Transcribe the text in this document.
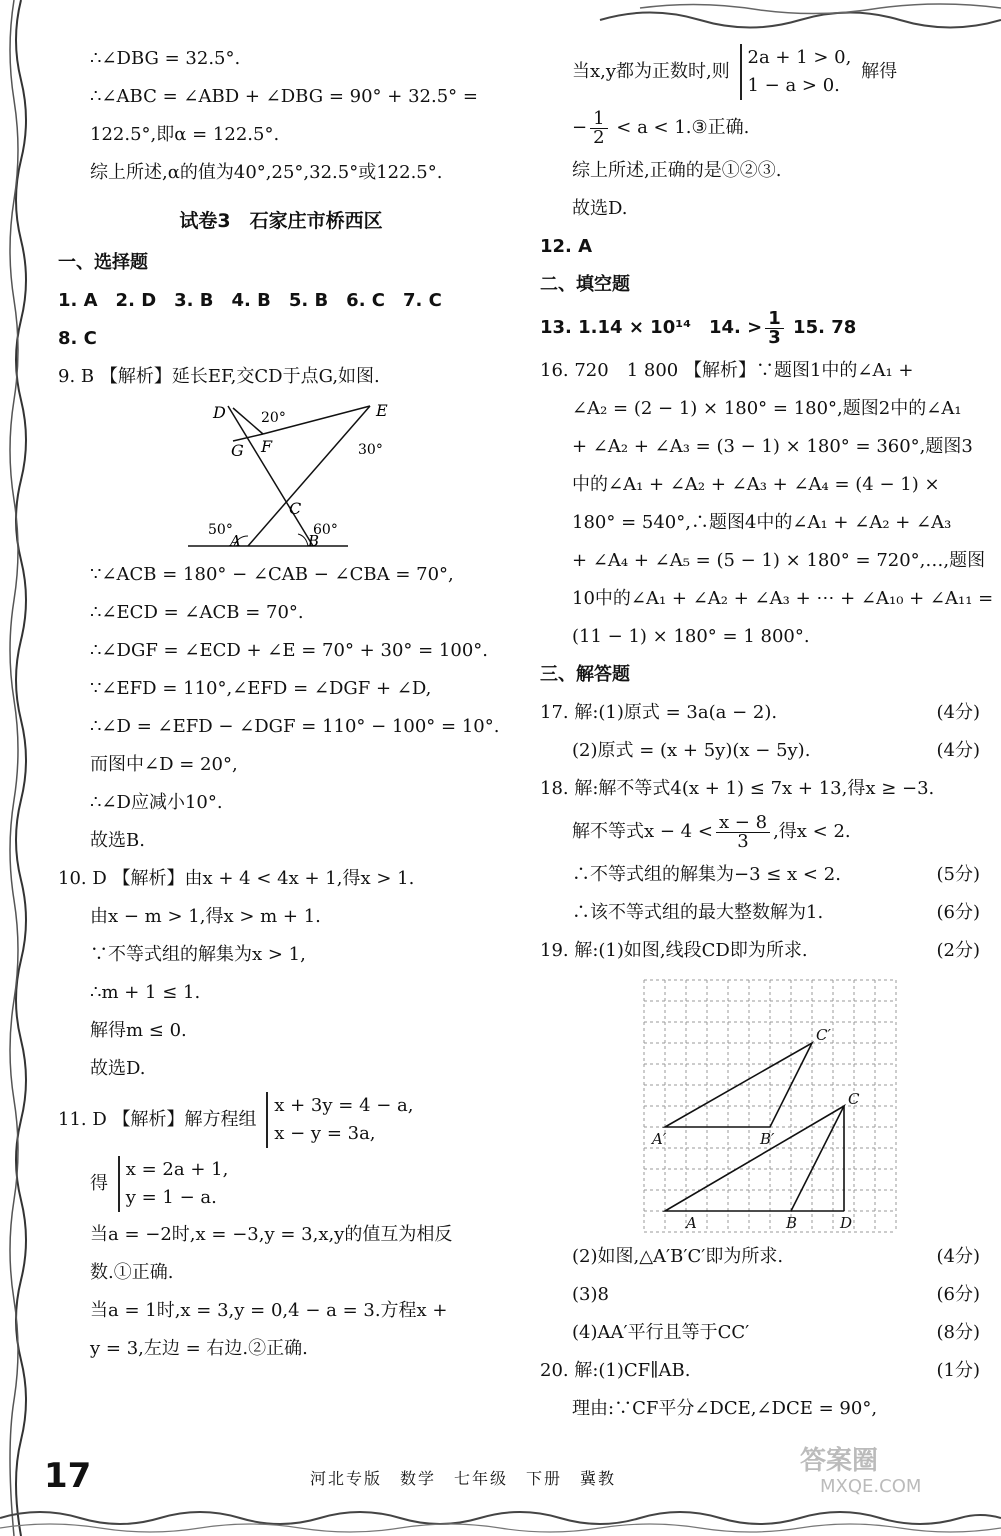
∴∠DBG = 32.5°.
∴∠ABC = ∠ABD + ∠DBG = 90° + 32.5° =
122.5°,即α = 122.5°.
综上所述,α的值为40°,25°,32.5°或122.5°.
试卷3　石家庄市桥西区
一、选择题
1. A　2. D　3. B　4. B　5. B　6. C　7. C
8. C
9. B 【解析】延长EF,交CD于点G,如图.
D	E
F
G
C
A	B
20°
30°
50°	60°
∵∠ACB = 180° − ∠CAB − ∠CBA = 70°,
∴∠ECD = ∠ACB = 70°.
∴∠DGF = ∠ECD + ∠E = 70° + 30° = 100°.
∵∠EFD = 110°,∠EFD = ∠DGF + ∠D,
∴∠D = ∠EFD − ∠DGF = 110° − 100° = 10°.
而图中∠D = 20°,
∴∠D应减小10°.
故选B.
10. D 【解析】由x + 4 < 4x + 1,得x > 1.
由x − m > 1,得x > m + 1.
∵不等式组的解集为x > 1,
∴m + 1 ≤ 1.
解得m ≤ 0.
故选D.
11. D 【解析】解方程组
x + 3y = 4 − a,
x − y = 3a,
得
x = 2a + 1,
y = 1 − a.
当a = −2时,x = −3,y = 3,x,y的值互为相反
数.①正确.
当a = 1时,x = 3,y = 0,4 − a = 3.方程x +
y = 3,左边 = 右边.②正确.
当x,y都为正数时,则
2a + 1 > 0,
1 − a > 0.
解得
− $\frac{1}{2} < a$ < 1.③正确.
综上所述,正确的是①②③.
故选D.
12. A
二、填空题
13. 1.14 × 10¹⁴　14. > $\frac{1}{3} 15$. 78
16. 720　1 800 【解析】∵题图1中的∠A₁ +
∠A₂ = (2 − 1) × 180° = 180°,题图2中的∠A₁
+ ∠A₂ + ∠A₃ = (3 − 1) × 180° = 360°,题图3
中的∠A₁ + ∠A₂ + ∠A₃ + ∠A₄ = (4 − 1) ×
180° = 540°,∴题图4中的∠A₁ + ∠A₂ + ∠A₃
+ ∠A₄ + ∠A₅ = (5 − 1) × 180° = 720°,…,题图
10中的∠A₁ + ∠A₂ + ∠A₃ + ⋯ + ∠A₁₀ + ∠A₁₁ =
(11 − 1) × 180° = 1 800°.
三、解答题
17. 解:(1)原式 = 3a(a − 2).	(4分)
(2)原式 = (x + 5y)(x − 5y).	(4分)
18. 解:解不等式4(x + 1) ≤ 7x + 13,得x ≥ −3.
解不等式$x - 4 < \frac{x - 8}{3}$ ,得x < 2.
∴不等式组的解集为−3 ≤ x < 2.	(5分)
∴该不等式组的最大整数解为1.	(6分)
19. 解:(1)如图,线段CD即为所求.	(2分)
C′
C
A′	B′
A	B	D
(2)如图,△A′B′C′即为所求.	(4分)
(3)8	(6分)
(4)AA′平行且等于CC′	(8分)
20. 解:(1)CF∥AB.	(1分)
理由:∵CF平分∠DCE,∠DCE = 90°,
17	河北专版　数学　七年级　下册　冀教
答案圈
MXQE.COM
